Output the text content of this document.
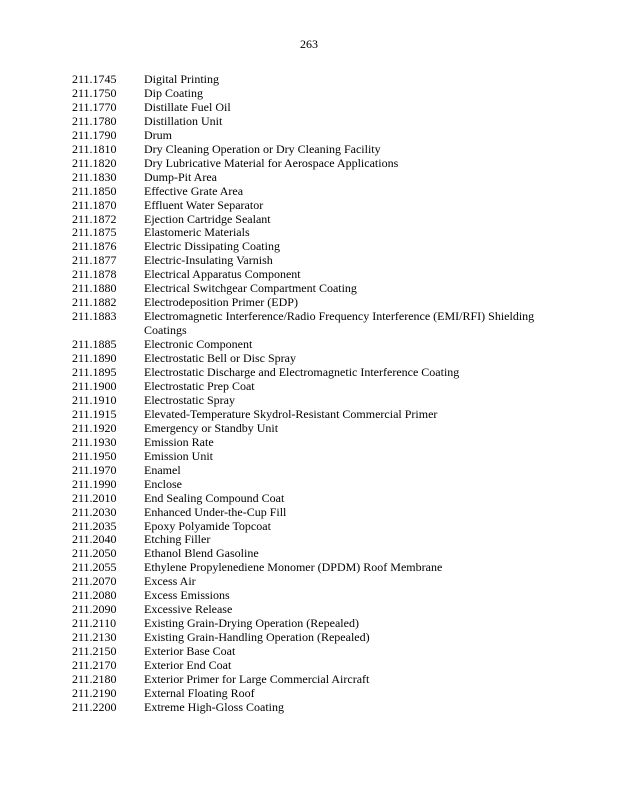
263
211.1745	Digital Printing
211.1750	Dip Coating
211.1770	Distillate Fuel Oil
211.1780	Distillation Unit
211.1790	Drum
211.1810	Dry Cleaning Operation or Dry Cleaning Facility
211.1820	Dry Lubricative Material for Aerospace Applications
211.1830	Dump-Pit Area
211.1850	Effective Grate Area
211.1870	Effluent Water Separator
211.1872	Ejection Cartridge Sealant
211.1875	Elastomeric Materials
211.1876	Electric Dissipating Coating
211.1877	Electric-Insulating Varnish
211.1878	Electrical Apparatus Component
211.1880	Electrical Switchgear Compartment Coating
211.1882	Electrodeposition Primer (EDP)
211.1883	Electromagnetic Interference/Radio Frequency Interference (EMI/RFI) Shielding Coatings
211.1885	Electronic Component
211.1890	Electrostatic Bell or Disc Spray
211.1895	Electrostatic Discharge and Electromagnetic Interference Coating
211.1900	Electrostatic Prep Coat
211.1910	Electrostatic Spray
211.1915	Elevated-Temperature Skydrol-Resistant Commercial Primer
211.1920	Emergency or Standby Unit
211.1930	Emission Rate
211.1950	Emission Unit
211.1970	Enamel
211.1990	Enclose
211.2010	End Sealing Compound Coat
211.2030	Enhanced Under-the-Cup Fill
211.2035	Epoxy Polyamide Topcoat
211.2040	Etching Filler
211.2050	Ethanol Blend Gasoline
211.2055	Ethylene Propylenediene Monomer (DPDM) Roof Membrane
211.2070	Excess Air
211.2080	Excess Emissions
211.2090	Excessive Release
211.2110	Existing Grain-Drying Operation (Repealed)
211.2130	Existing Grain-Handling Operation (Repealed)
211.2150	Exterior Base Coat
211.2170	Exterior End Coat
211.2180	Exterior Primer for Large Commercial Aircraft
211.2190	External Floating Roof
211.2200	Extreme High-Gloss Coating
